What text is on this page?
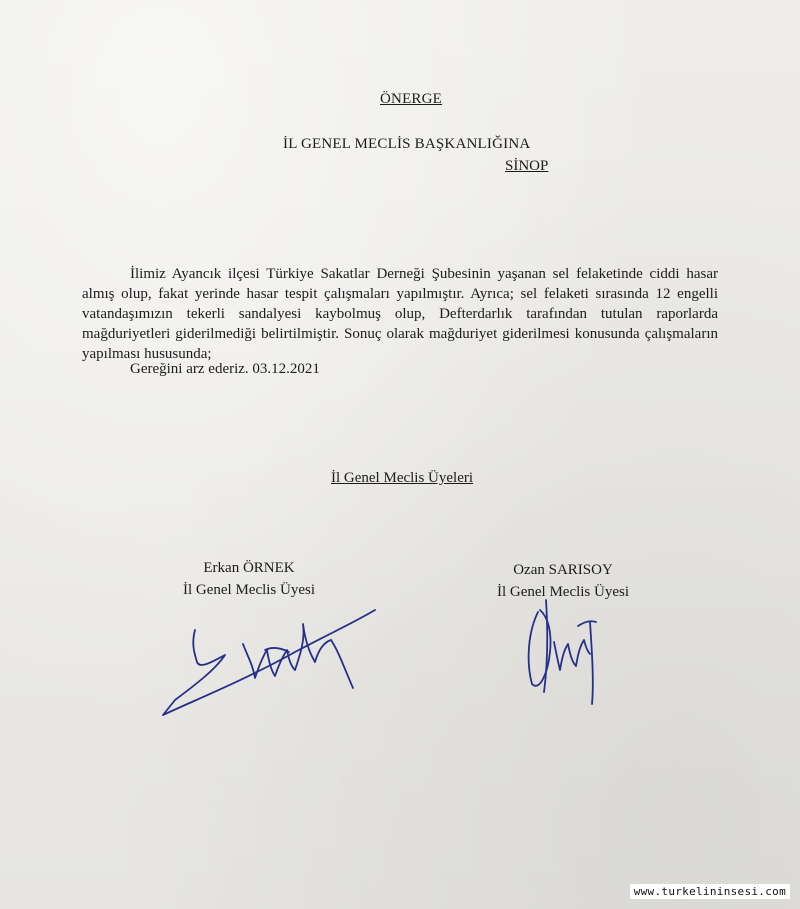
ÖNERGE
İL GENEL MECLİS BAŞKANLIĞINA
SİNOP

İlimiz Ayancık ilçesi Türkiye Sakatlar Derneği Şubesinin yaşanan sel felaketinde ciddi hasar almış olup, fakat yerinde hasar tespit çalışmaları yapılmıştır. Ayrıca; sel felaketi sırasında 12 engelli vatandaşımızın tekerli sandalyesi kaybolmuş olup, Defterdarlık tarafından tutulan raporlarda mağduriyetleri giderilmediği belirtilmiştir. Sonuç olarak mağduriyet giderilmesi konusunda çalışmaların yapılması hususunda;

Gereğini arz ederiz. 03.12.2021
İl Genel Meclis Üyeleri
Erkan ÖRNEK
İl Genel Meclis Üyesi
Ozan SARISOY
İl Genel Meclis Üyesi
www.turkelininsesi.com
